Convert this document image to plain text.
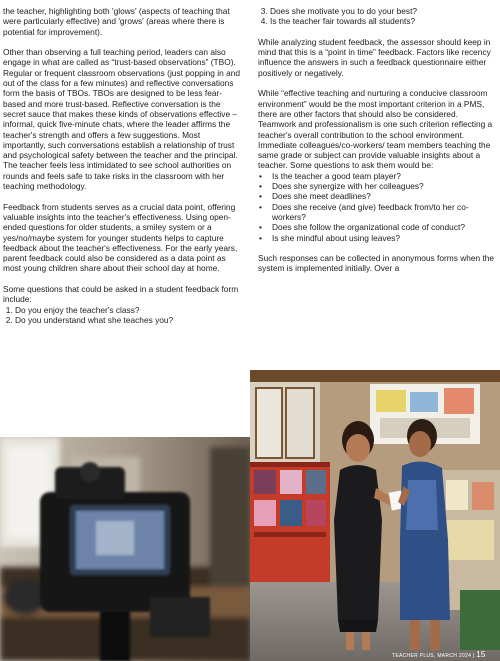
the teacher, highlighting both 'glows' (aspects of teaching that were particularly effective) and 'grows' (areas where there is potential for improvement).

Other than observing a full teaching period, leaders can also engage in what are called as “trust-based observations” (TBO). Regular or frequent classroom observations (just popping in and out of the class for a few minutes) and reflective conversations form the basis of TBOs. TBOs are designed to be less fear-based and more trust-based. Reflective conversation is the secret sauce that makes these kinds of observations effective – informal, quick five-minute chats, where the leader affirms the teacher's strength and offers a few suggestions. Most importantly, such conversations establish a relationship of trust and psychological safety between the teacher and the principal. The teacher feels less intimidated to see school authorities on rounds and feels safe to take risks in the classroom with her teaching methodology.

Feedback from students serves as a crucial data point, offering valuable insights into the teacher's effectiveness. Using open-ended questions for older students, a smiley system or a yes/no/maybe system for younger students helps to capture feedback about the teacher's effectiveness. For the early years, parent feedback could also be considered as a data point as most young children share about their school day at home.

Some questions that could be asked in a student feedback form include:

1. Do you enjoy the teacher's class?
2. Do you understand what she teaches you?
3. Does she motivate you to do your best?
4. Is the teacher fair towards all students?

While analyzing student feedback, the assessor should keep in mind that this is a “point in time” feedback. Factors like recency influence the answers in such a feedback questionnaire either positively or negatively.

While “effective teaching and nurturing a conducive classroom environment” would be the most important criterion in a PMS, there are other factors that should also be considered. Teamwork and professionalism is one such criterion reflecting a teacher's overall contribution to the school environment. Immediate colleagues/co-workers/ team members teaching the same grade or subject can provide valuable insights about a teacher. Some questions to ask them would be:

• Is the teacher a good team player?
• Does she synergize with her colleagues?
• Does she meet deadlines?
• Does she receive (and give) feedback from/to her co-workers?
• Does she follow the organizational code of conduct?
• Is she mindful about using leaves?

Such responses can be collected in anonymous forms when the system is implemented initially. Over a

TEACHER PLUS, MARCH 2024 | 15
